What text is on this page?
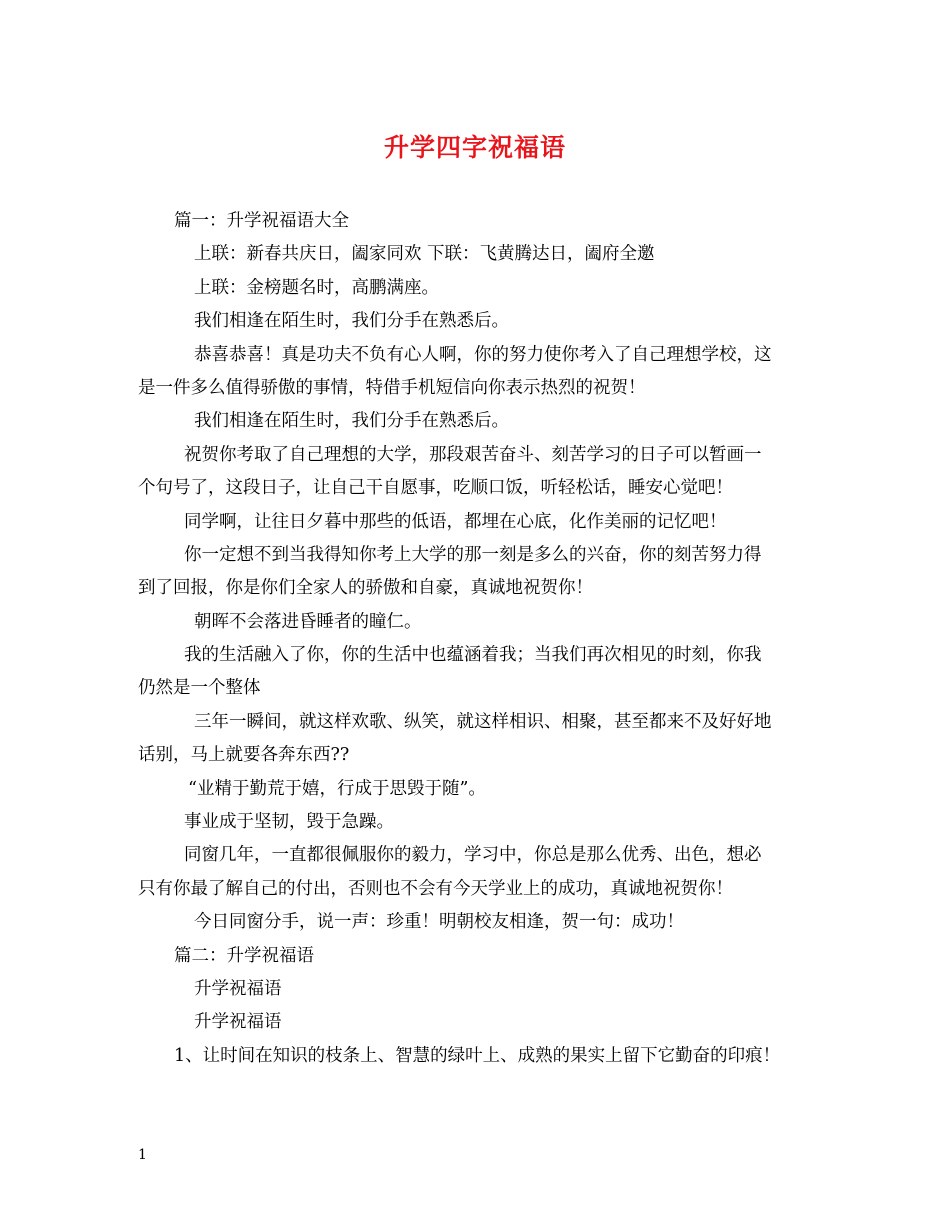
升学四字祝福语
篇一：升学祝福语大全
上联：新春共庆日，阖家同欢 下联：飞黄腾达日，阖府全邀
上联：金榜题名时，高鹏满座。
我们相逢在陌生时，我们分手在熟悉后。
恭喜恭喜！真是功夫不负有心人啊，你的努力使你考入了自己理想学校，这
是一件多么值得骄傲的事情，特借手机短信向你表示热烈的祝贺！
我们相逢在陌生时，我们分手在熟悉后。
祝贺你考取了自己理想的大学，那段艰苦奋斗、刻苦学习的日子可以暂画一
个句号了，这段日子，让自己干自愿事，吃顺口饭，听轻松话，睡安心觉吧！
同学啊，让往日夕暮中那些的低语，都埋在心底，化作美丽的记忆吧！
你一定想不到当我得知你考上大学的那一刻是多么的兴奋，你的刻苦努力得
到了回报，你是你们全家人的骄傲和自豪，真诚地祝贺你！
朝晖不会落进昏睡者的瞳仁。
我的生活融入了你，你的生活中也蕴涵着我；当我们再次相见的时刻，你我
仍然是一个整体
三年一瞬间，就这样欢歌、纵笑，就这样相识、相聚，甚至都来不及好好地
话别，马上就要各奔东西??
“业精于勤荒于嬉，行成于思毁于随”。
事业成于坚韧，毁于急躁。
同窗几年，一直都很佩服你的毅力，学习中，你总是那么优秀、出色，想必
只有你最了解自己的付出，否则也不会有今天学业上的成功，真诚地祝贺你！
今日同窗分手，说一声：珍重！明朝校友相逢，贺一句：成功！
篇二：升学祝福语
升学祝福语
升学祝福语
1、让时间在知识的枝条上、智慧的绿叶上、成熟的果实上留下它勤奋的印痕！
1
